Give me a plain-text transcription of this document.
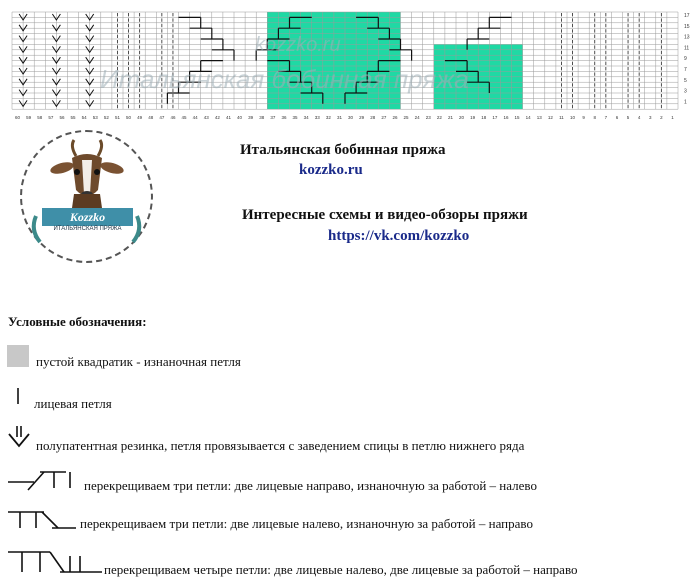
17
15
13
11
9
7
5
3
1
60 59 58 57 56 55 54 53 52 51 50 49 48 47 46 45 44 43 42 41 40 39 38 37 36 35 34 33 32 31 30 29 28 27 26 25 24 23 22 21 20 19 18 17 16 15 14 13 12 11 10 9 8 7 6 5 4 3 2 1
kozzko.ru
Итальянская бобинная пряжа
Kozzko
ИТАЛЬЯНСКАЯ ПРЯЖА
Итальянская бобинная пряжа
kozzko.ru
Интересные схемы и видео-обзоры пряжи
https://vk.com/kozzko
Условные обозначения:
пустой квадратик - изнаночная петля
лицевая петля
полупатентная резинка, петля провязывается с заведением спицы в петлю нижнего ряда
перекрещиваем три петли: две лицевые направо, изнаночную за работой – налево
перекрещиваем три петли: две лицевые налево, изнаночную за работой – направо
перекрещиваем четыре петли: две лицевые налево, две лицевые за работой – направо
